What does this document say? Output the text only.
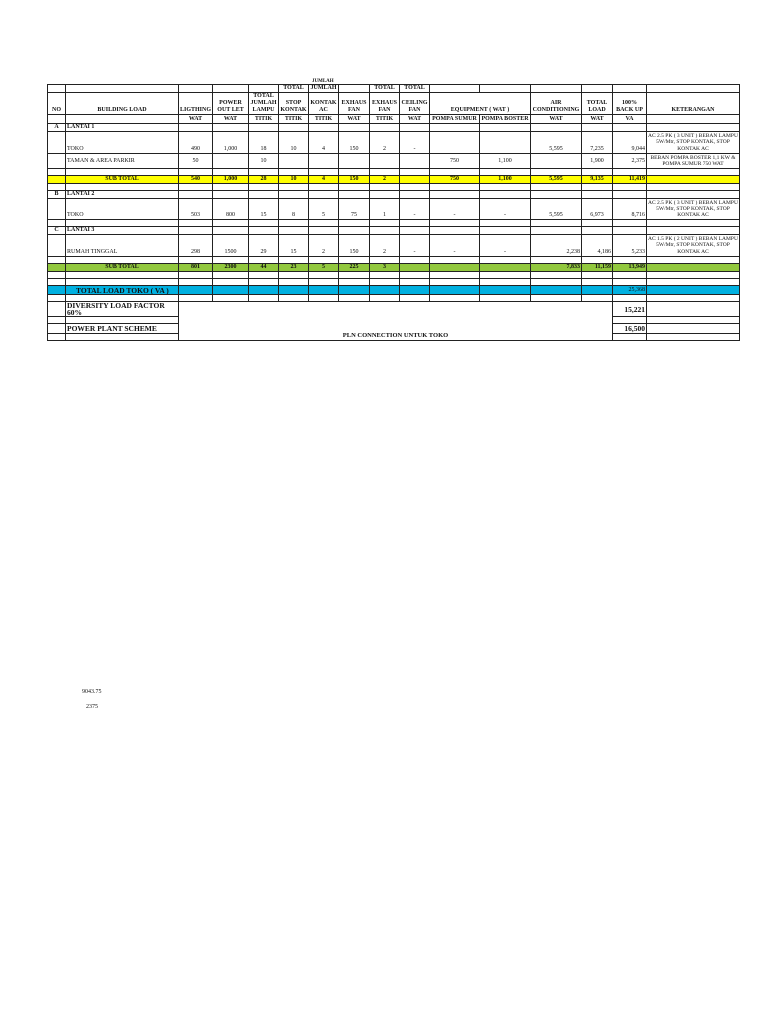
JUMLAH
					TOTAL	JUMLAH		TOTAL	TOTAL						
NO	BUILDING LOAD	LIGTHING	POWER OUT LET	TOTAL JUMLAH LAMPU	STOP KONTAK	KONTAK AC	EXHAUS FAN	EXHAUS FAN	CEILING FAN	EQUIPMENT ( WAT )		AIR CONDITIONING	TOTAL LOAD	100% BACK UP	KETERANGAN
		WAT	WAT	TITIK	TITIK	TITIK	WAT	TITIK	WAT	POMPA SUMUR	POMPA BOSTER	WAT	WAT	VA	
A	LANTAI 1														
	TOKO	490	1,000	18	10	4	150	2	-			5,595	7,235	9,044	AC 2.5 PK ( 3 UNIT ) BEBAN LAMPU 5W/Mtr, STOP KONTAK, STOP KONTAK AC
	TAMAN & AREA PARKIR	50		10						750	1,100		1,900	2,375	BEBAN POMPA BOSTER 1,1 KW & POMPA SUMUR 750 WAT

	SUB TOTAL	540	1,000	28	10	4	150	2		750	1,100	5,595	9,135	11,419	

B	LANTAI 2														
	TOKO	503	800	15	8	5	75	1	-	-	-	5,595	6,973	8,716	AC 2.5 PK ( 3 UNIT ) BEBAN LAMPU 5W/Mtr, STOP KONTAK, STOP KONTAK AC

C	LANTAI 3														
	RUMAH TINGGAL	298	1500	29	15	2	150	2	-	-	-	2,238	4,186	5,233	AC 1.5 PK ( 2 UNIT ) BEBAN LAMPU 5W/Mtr, STOP KONTAK, STOP KONTAK AC

	SUB TOTAL	801	2300	44	23	5	225	3				7,833	11,159	13,949	

	TOTAL LOAD TOKO ( VA )													25,368	

	DIVERSITY LOAD FACTOR 60%	PLN CONNECTION UNTUK TOKO												15,221	

	POWER PLANT SCHEME													16,500	

9043.75
2375
